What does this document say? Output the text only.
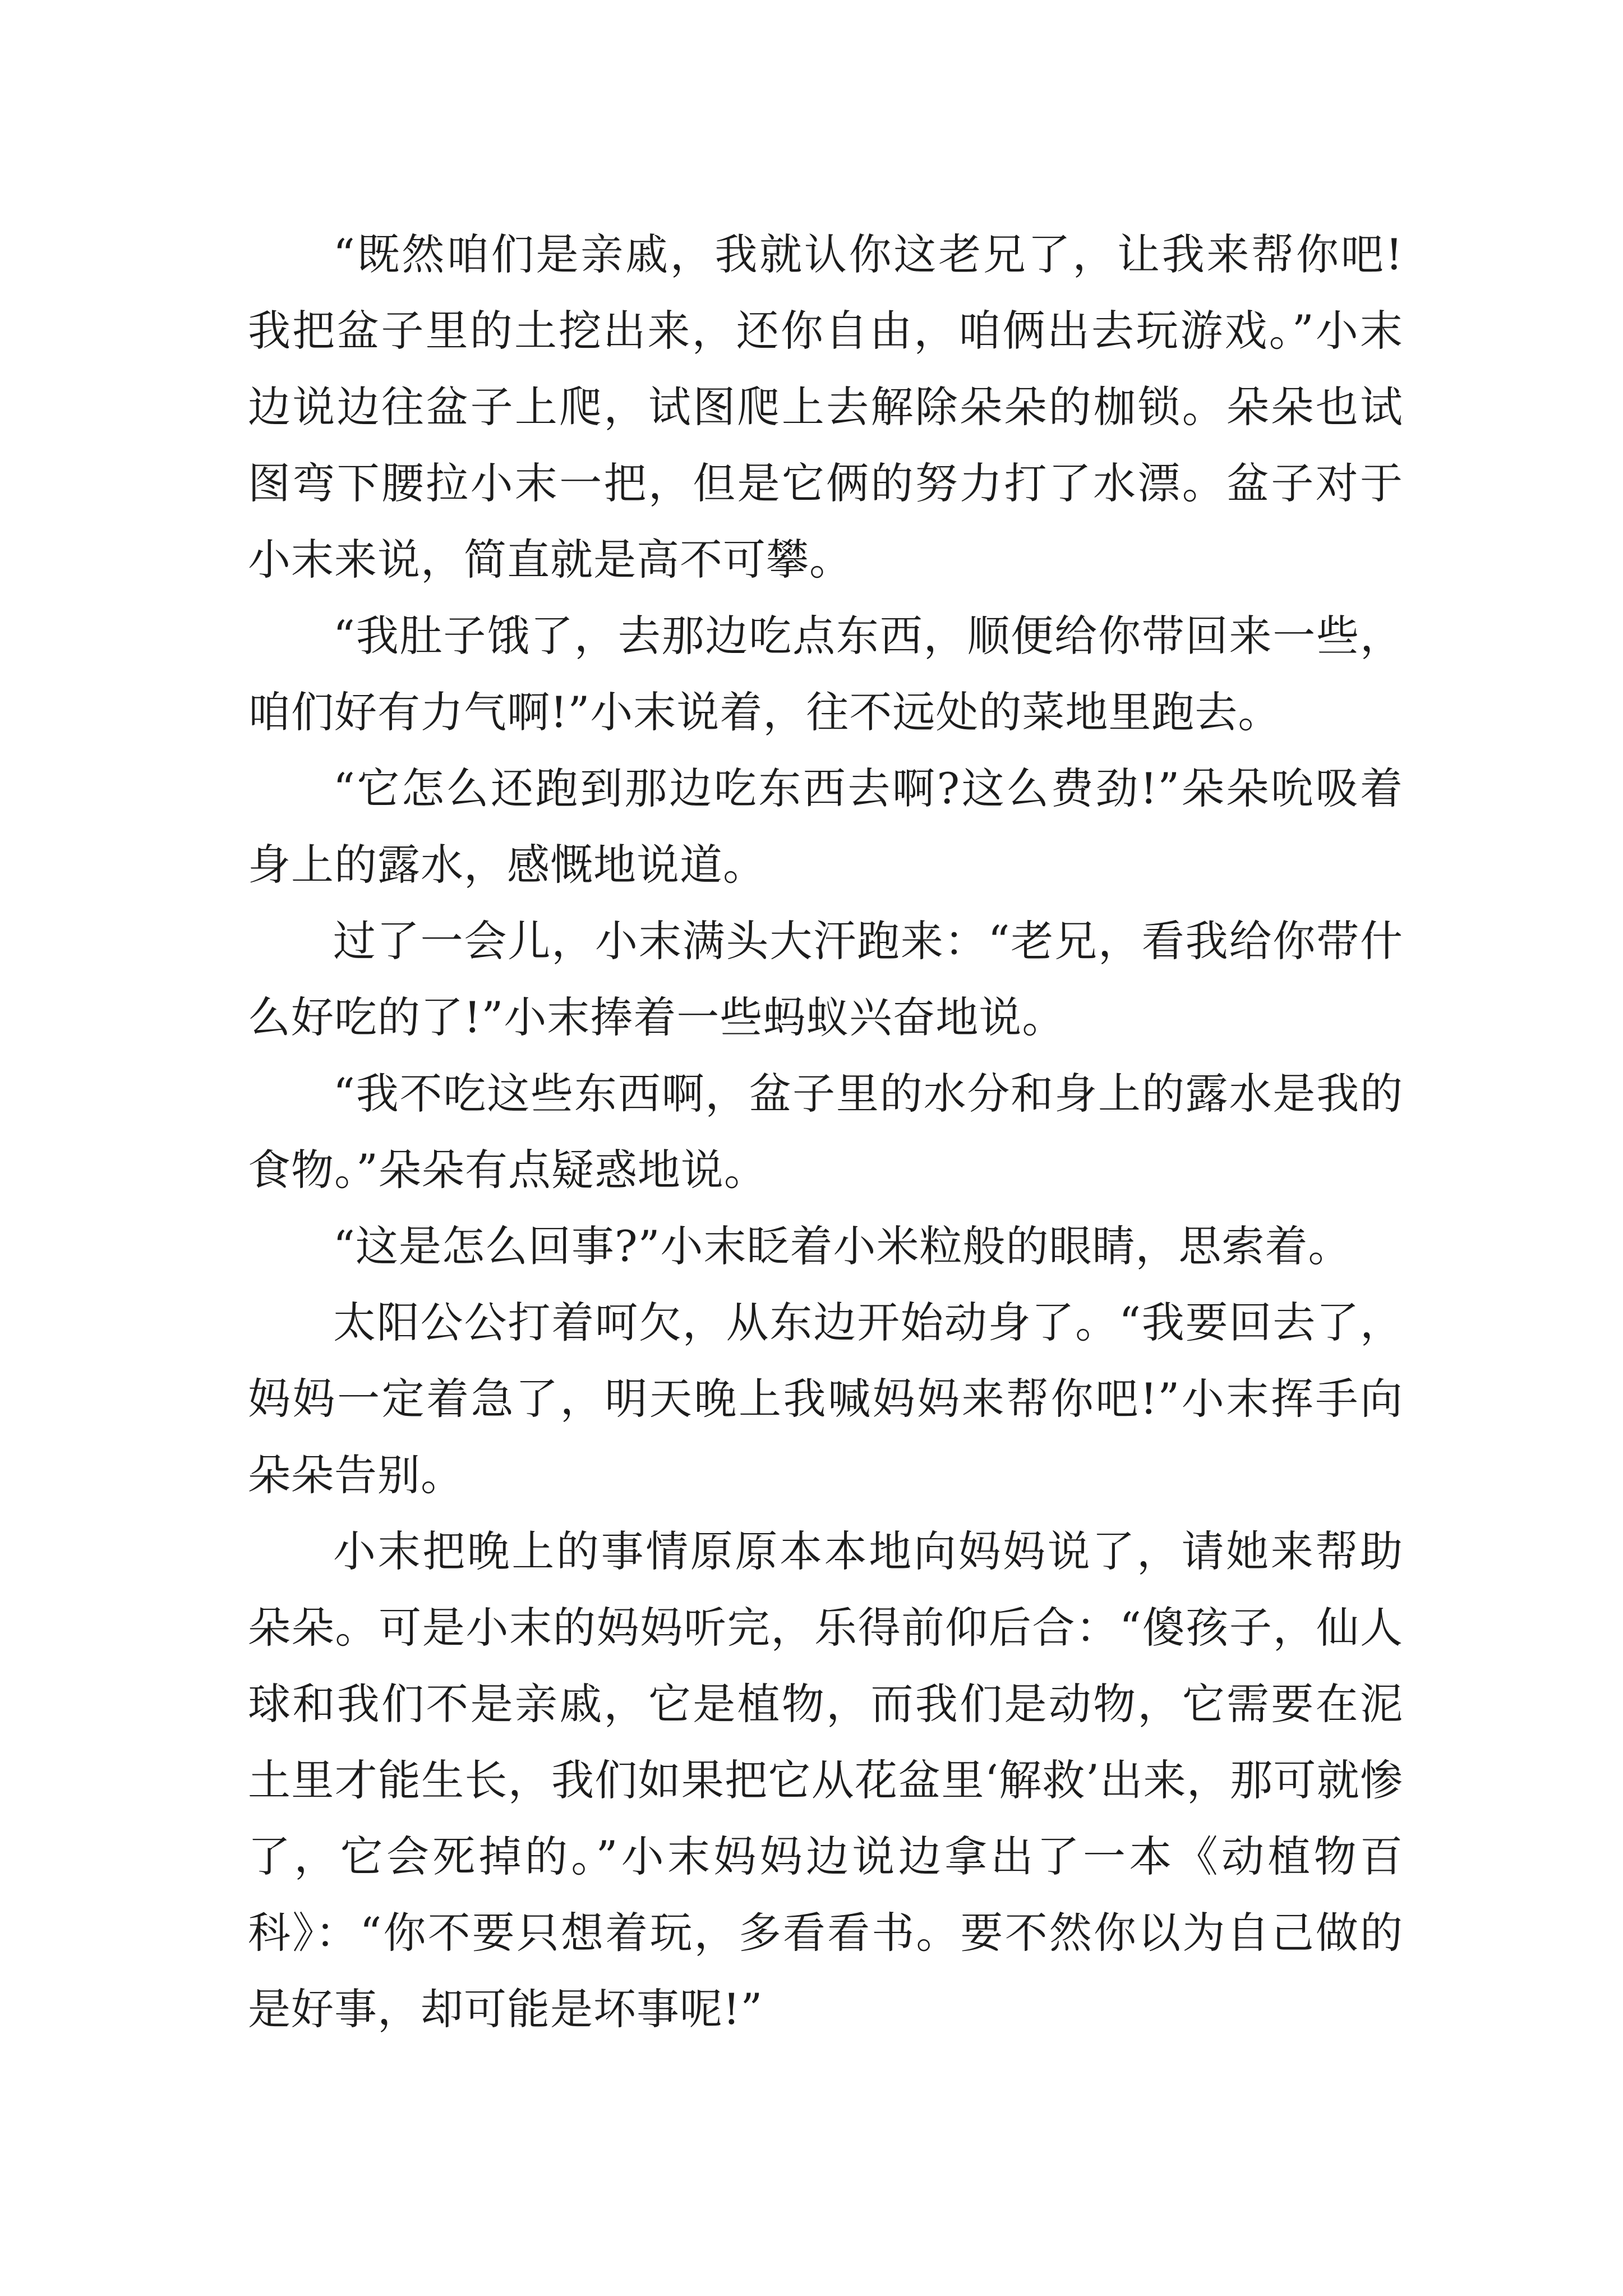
“既然咱们是亲戚，我就认你这老兄了，让我来帮你吧!我把盆子里的土挖出来，还你自由，咱俩出去玩游戏。”小末边说边往盆子上爬，试图爬上去解除朵朵的枷锁。朵朵也试图弯下腰拉小末一把，但是它俩的努力打了水漂。盆子对于小末来说，简直就是高不可攀。

“我肚子饿了，去那边吃点东西，顺便给你带回来一些，咱们好有力气啊!”小末说着，往不远处的菜地里跑去。

“它怎么还跑到那边吃东西去啊?这么费劲!”朵朵吮吸着身上的露水，感慨地说道。

过了一会儿，小末满头大汗跑来：“老兄，看我给你带什么好吃的了!”小末捧着一些蚂蚁兴奋地说。

“我不吃这些东西啊，盆子里的水分和身上的露水是我的食物。”朵朵有点疑惑地说。

“这是怎么回事?”小末眨着小米粒般的眼睛，思索着。

太阳公公打着呵欠，从东边开始动身了。“我要回去了，妈妈一定着急了，明天晚上我喊妈妈来帮你吧!”小末挥手向朵朵告别。

小末把晚上的事情原原本本地向妈妈说了，请她来帮助朵朵。可是小末的妈妈听完，乐得前仰后合：“傻孩子，仙人球和我们不是亲戚，它是植物，而我们是动物，它需要在泥土里才能生长，我们如果把它从花盆里‘解救’出来，那可就惨了，它会死掉的。”小末妈妈边说边拿出了一本《动植物百科》：“你不要只想着玩，多看看书。要不然你以为自己做的是好事，却可能是坏事呢!”
